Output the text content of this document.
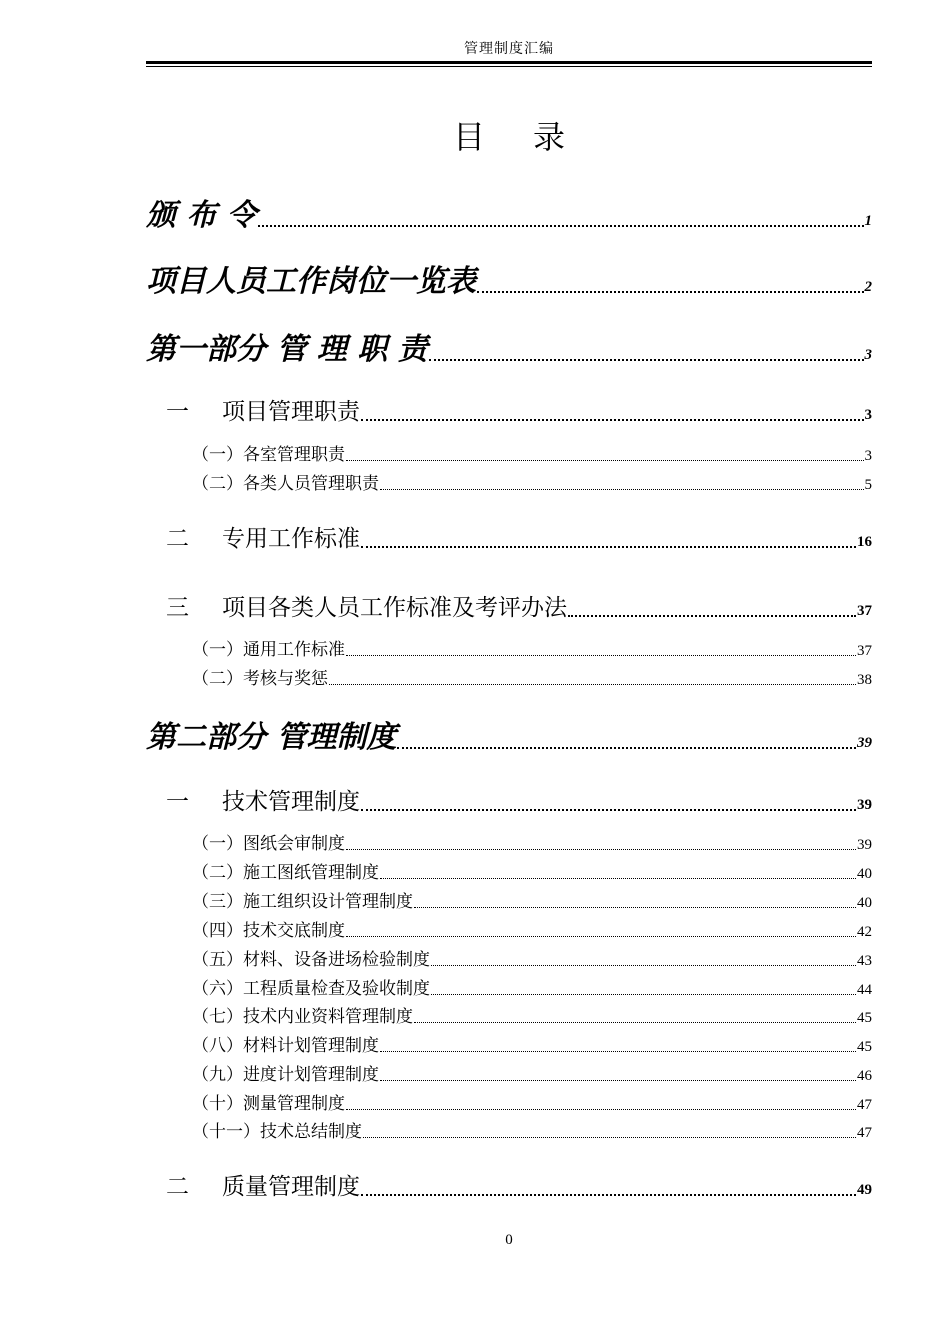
管理制度汇编
目录
颁 布 令	1
项目人员工作岗位一览表	2
第一部分 管 理 职 责	3
一 项目管理职责	3
（一）各室管理职责	3
（二）各类人员管理职责	5
二 专用工作标准	16
三 项目各类人员工作标准及考评办法	37
（一）通用工作标准	37
（二）考核与奖惩	38
第二部分 管理制度	39
一 技术管理制度	39
（一）图纸会审制度	39
（二）施工图纸管理制度	40
（三）施工组织设计管理制度	40
（四）技术交底制度	42
（五）材料、设备进场检验制度	43
（六）工程质量检查及验收制度	44
（七）技术内业资料管理制度	45
（八）材料计划管理制度	45
（九）进度计划管理制度	46
（十）测量管理制度	47
（十一）技术总结制度	47
二 质量管理制度	49
0
